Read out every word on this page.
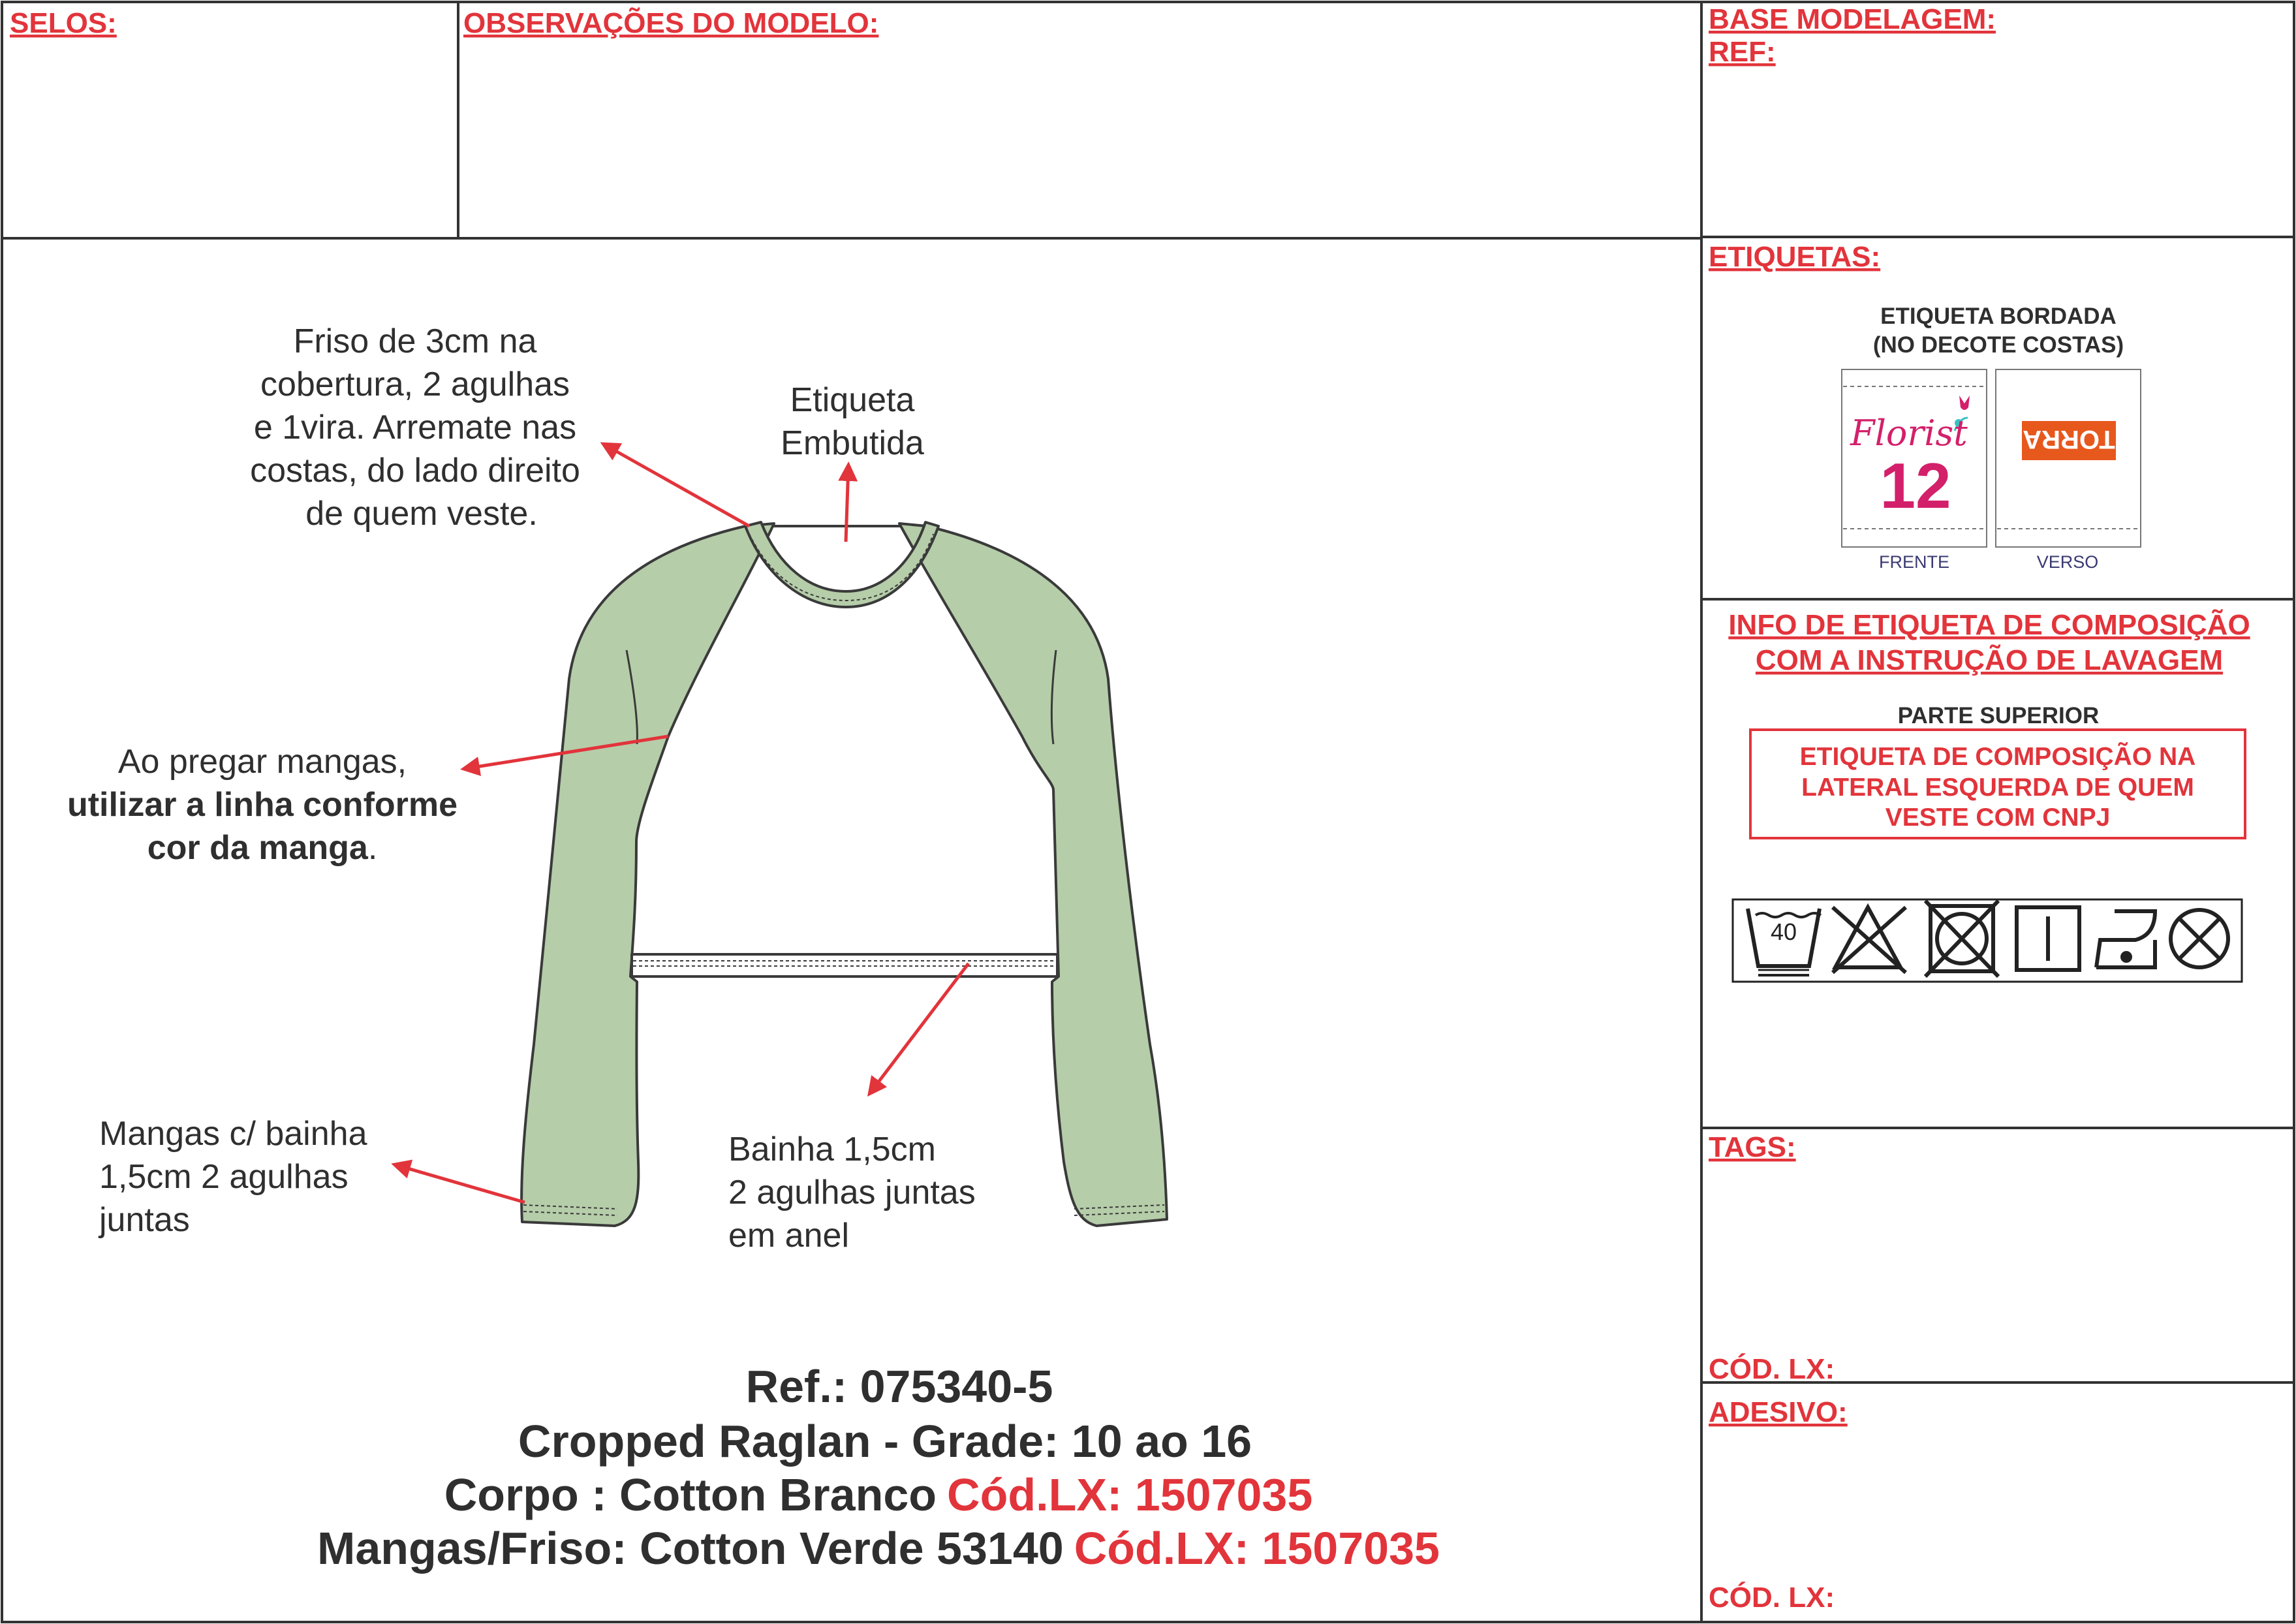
SELOS:	OBSERVAÇÕES DO MODELO:	BASE MODELAGEM:
REF:
ETIQUETAS:
ETIQUETA BORDADA
(NO DECOTE COSTAS)
Florist
12
TORRA
FRENTE	VERSO
INFO DE ETIQUETA DE COMPOSIÇÃO
COM A INSTRUÇÃO DE LAVAGEM
PARTE SUPERIOR
ETIQUETA DE COMPOSIÇÃO NA
LATERAL ESQUERDA DE QUEM
VESTE COM CNPJ
40
TAGS:
CÓD. LX:
ADESIVO:
CÓD. LX:
Friso de 3cm na
cobertura, 2 agulhas
e 1vira. Arremate nas
costas, do lado direito
de quem veste.
Etiqueta
Embutida
Ao pregar mangas,
utilizar a linha conforme
cor da manga.
Mangas c/ bainha
1,5cm 2 agulhas
juntas
Bainha 1,5cm
2 agulhas juntas
em anel
Ref.: 075340-5
Cropped Raglan - Grade: 10 ao 16
Corpo : Cotton Branco Cód.LX: 1507035
Mangas/Friso: Cotton Verde 53140 Cód.LX: 1507035
